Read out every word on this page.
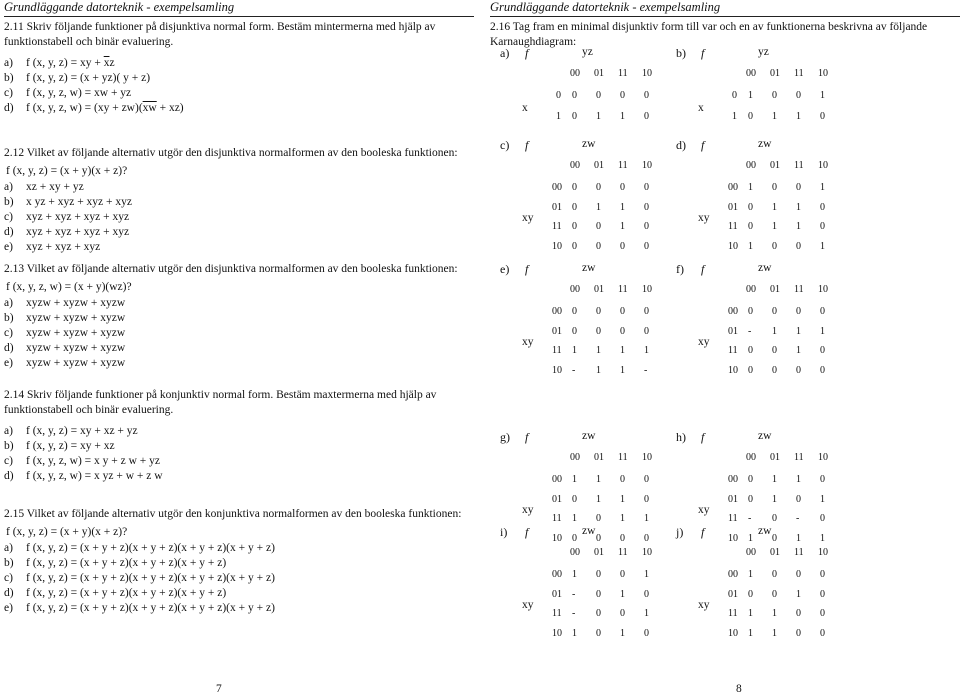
Grundläggande datorteknik - exempelsamling
2.11 Skriv följande funktioner på disjunktiva normal form. Bestäm mintermerna med hjälp av funktionstabell och binär evaluering.
a)	f (x, y, z) = xy + $\overline{x}z$
b)	f (x, y, z) = (x + yz)( y + z)
c)	f (x, y, z, w) = xw + yz
d)	f (x, y, z, $w) = (xy + zw)(\overline{xw} + xz)$
2.12 Vilket av följande alternativ utgör den disjunktiva normalformen av den booleska funktionen:
f (x, y, z) = (x + y)(x + z)?
a)	xz + xy + yz
b)	x yz + xyz + xyz + xyz
c)	xyz + xyz + xyz + xyz
d)	xyz + xyz + xyz + xyz
e)	xyz + xyz + xyz
2.13 Vilket av följande alternativ utgör den disjunktiva normalformen av den booleska funktionen:
f (x, y, z, w) = (x + y)(wz)?
a)	xyzw + xyzw + xyzw
b)	xyzw + xyzw + xyzw
c)	xyzw + xyzw + xyzw
d)	xyzw + xyzw + xyzw
e)	xyzw + xyzw + xyzw
2.14 Skriv följande funktioner på konjunktiv normal form. Bestäm maxtermerna med hjälp av funktionstabell och binär evaluering.
a)	f (x, y, z) = xy + xz + yz
b)	f (x, y, z) = xy + xz
c)	f (x, y, z, w) = x y + z w + yz
d)	f (x, y, z, w) = x yz + w + z w
2.15 Vilket av följande alternativ utgör den konjunktiva normalformen av den booleska funktionen:
f (x, y, z) = (x + y)(x + z)?
a)	f (x, y, z) = (x + y + z)(x + y + z)(x + y + z)(x + y + z)
b)	f (x, y, z) = (x + y + z)(x + y + z)(x + y + z)
c)	f (x, y, z) = (x + y + z)(x + y + z)(x + y + z)(x + y + z)
d)	f (x, y, z) = (x + y + z)(x + y + z)(x + y + z)
e)	f (x, y, z) = (x + y + z)(x + y + z)(x + y + z)(x + y + z)
7
Grundläggande datorteknik - exempelsamling
2.16 Tag fram en minimal disjunktiv form till var och en av funktionerna beskrivna av följande Karnaughdiagram:
a) f	yz
00 01 11 10
x
0 0 0 0 0
1 0 1 1 0
b) f	yz
00 01 11 10
x
0 1 0 0 1
1 0 1 1 0
c) f	zw
00 01 11 10
xy
00 0 0 0 0
01 0 1 1 0
11 0 0 1 0
10 0 0 0 0
d) f	zw
00 01 11 10
xy
00 1 0 0 1
01 0 1 1 0
11 0 1 1 0
10 1 0 0 1
e) f	zw
00 01 11 10
xy
00 0 0 0 0
01 0 0 0 0
11 1 1 1 1
10 - 1 1 -
f) f	zw
00 01 11 10
xy
00 0 0 0 0
01 - 1 1 1
11 0 0 1 0
10 0 0 0 0
g) f	zw
00 01 11 10
xy
00 1 1 0 0
01 0 1 1 0
11 1 0 1 1
10 0 0 0 0
h) f	zw
00 01 11 10
xy
00 0 1 1 0
01 0 1 0 1
11 - 0 - 0
10 1 0 1 1
i) f	zw
00 01 11 10
xy
00 1 0 0 1
01 - 0 1 0
11 - 0 0 1
10 1 0 1 0
j) f	zw
00 01 11 10
xy
00 1 0 0 0
01 0 0 1 0
11 1 1 0 0
10 1 1 0 0
8
